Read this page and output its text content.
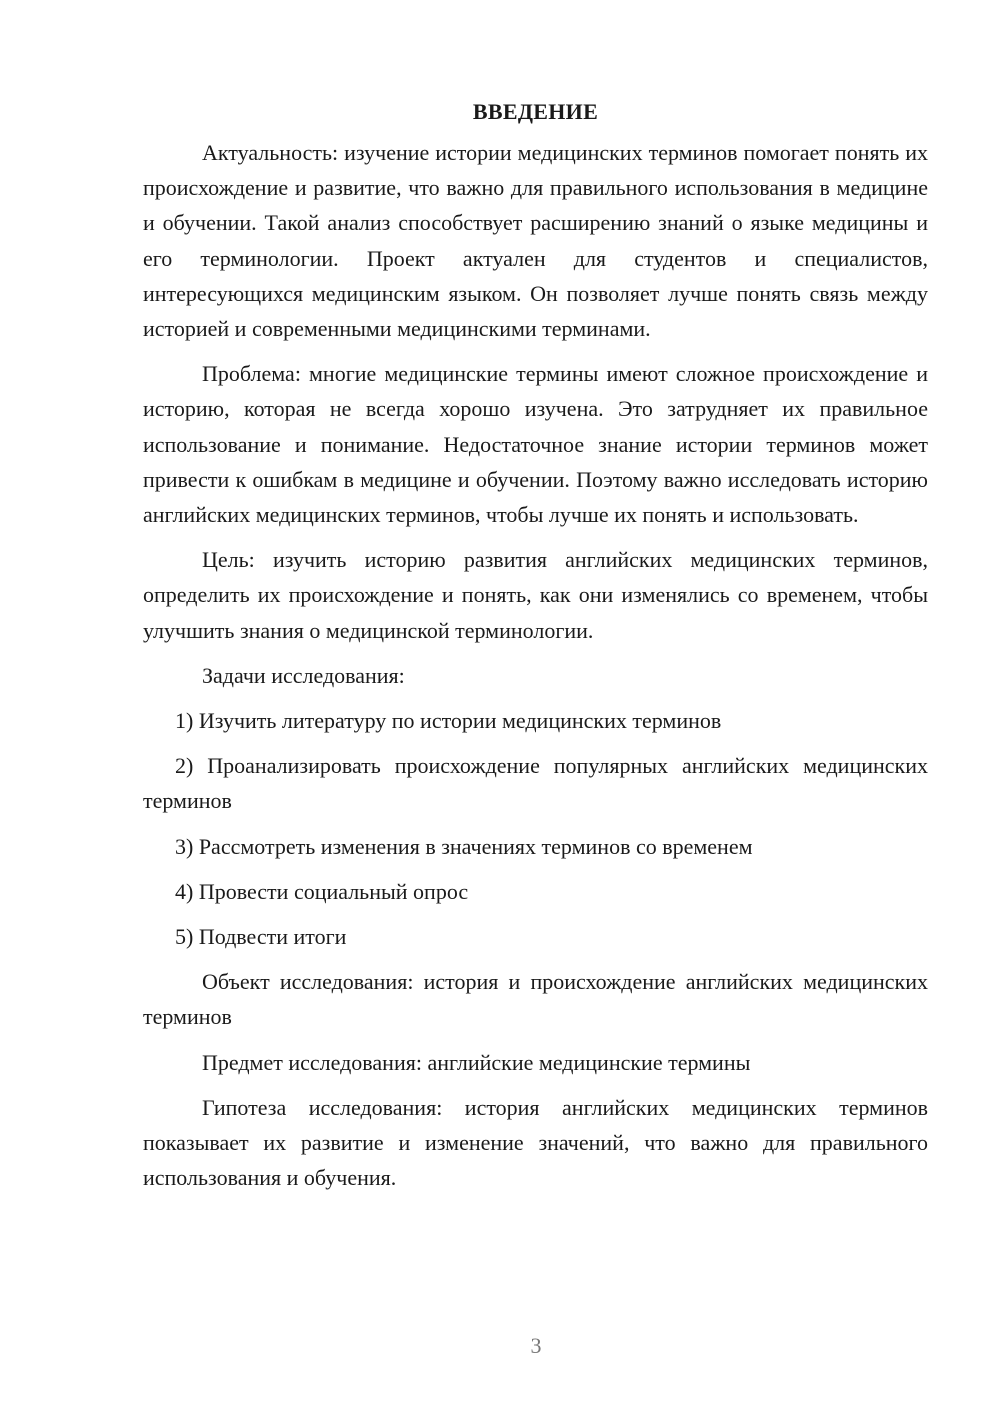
ВВЕДЕНИЕ

Актуальность: изучение истории медицинских терминов помогает понять их происхождение и развитие, что важно для правильного использования в медицине и обучении. Такой анализ способствует расширению знаний о языке медицины и его терминологии. Проект актуален для студентов и специалистов, интересующихся медицинским языком. Он позволяет лучше понять связь между историей и современными медицинскими терминами.

Проблема: многие медицинские термины имеют сложное происхождение и историю, которая не всегда хорошо изучена. Это затрудняет их правильное использование и понимание. Недостаточное знание истории терминов может привести к ошибкам в медицине и обучении. Поэтому важно исследовать историю английских медицинских терминов, чтобы лучше их понять и использовать.

Цель: изучить историю развития английских медицинских терминов, определить их происхождение и понять, как они изменялись со временем, чтобы улучшить знания о медицинской терминологии.

Задачи исследования:

1) Изучить литературу по истории медицинских терминов

2) Проанализировать происхождение популярных английских медицинских терминов

3) Рассмотреть изменения в значениях терминов со временем

4) Провести социальный опрос

5) Подвести итоги

Объект исследования: история и происхождение английских медицинских терминов

Предмет исследования: английские медицинские термины

Гипотеза исследования: история английских медицинских терминов показывает их развитие и изменение значений, что важно для правильного использования и обучения.

3
